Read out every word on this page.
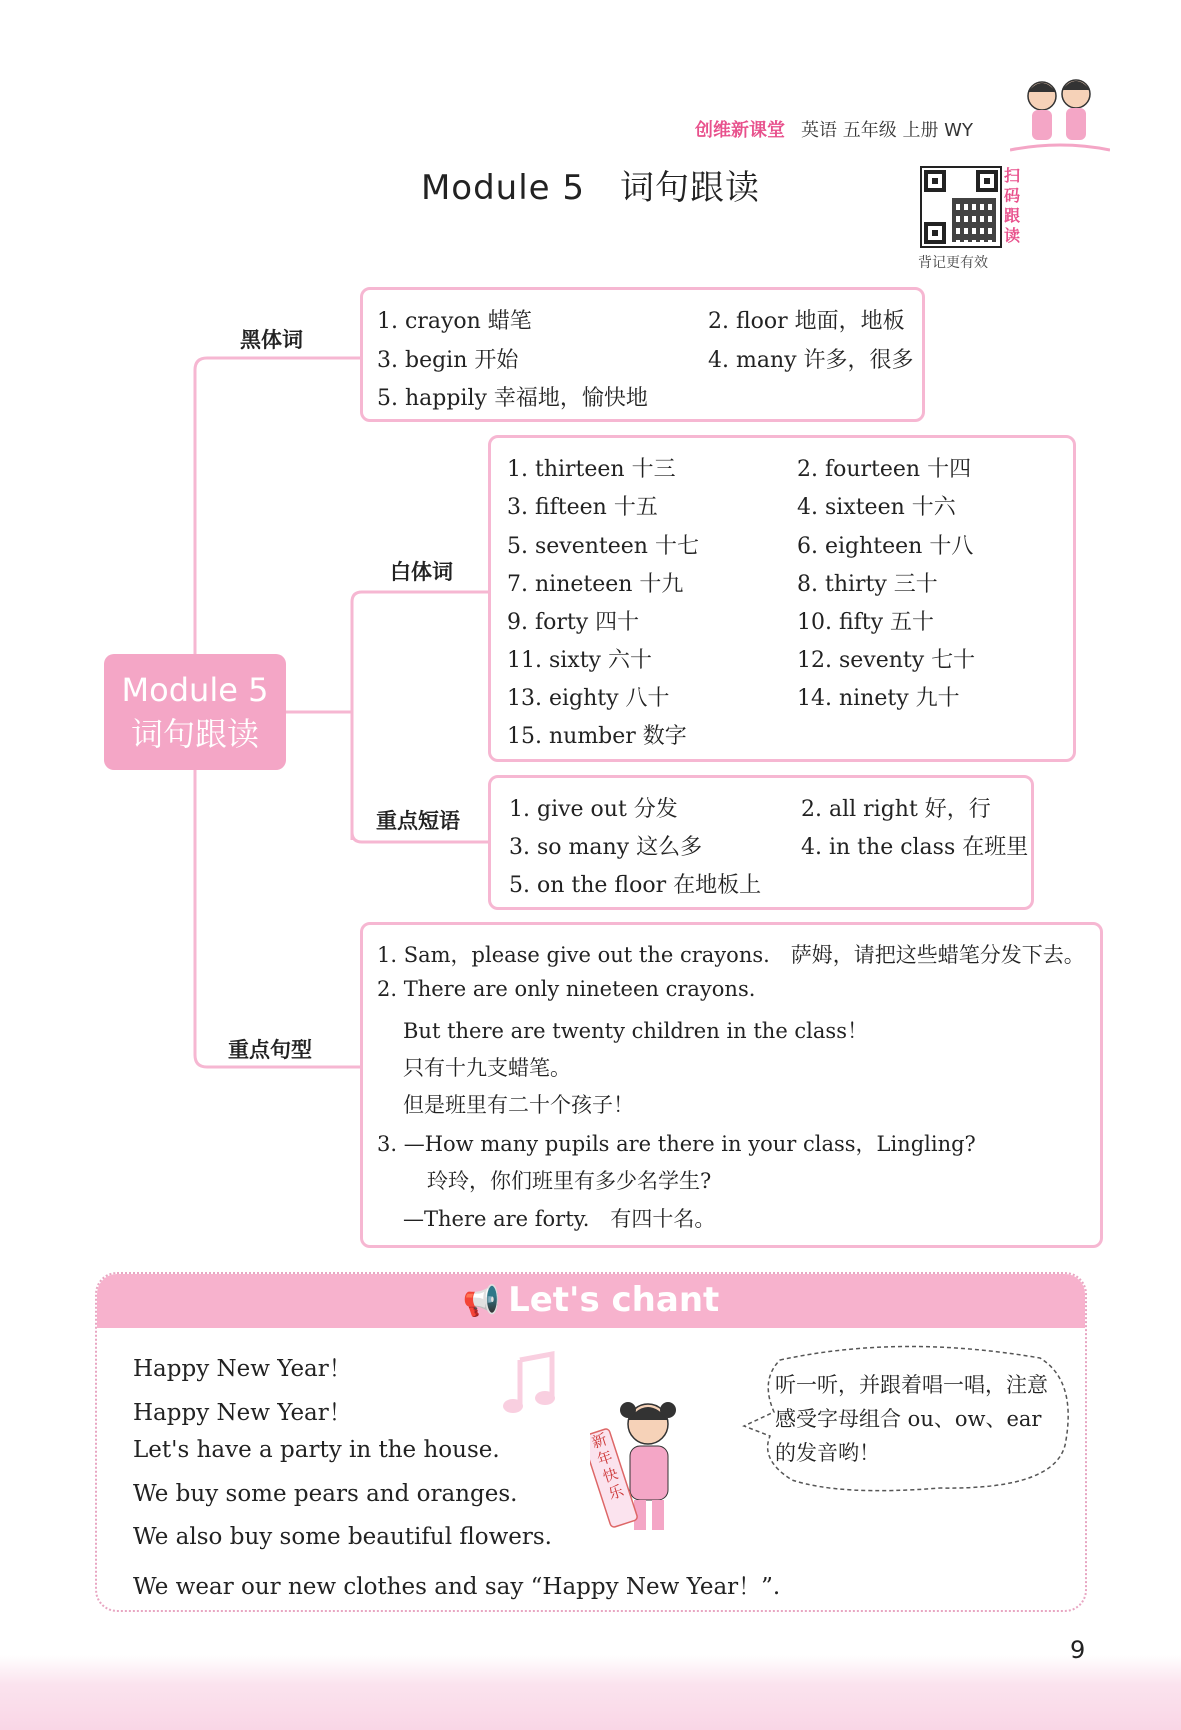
创维新课堂 英语 五年级 上册 WY
Module 5　词句跟读	扫码跟读
背记更有效
Module 5
词句跟读
黑体词
1. crayon 蜡笔	2. floor 地面，地板
3. begin 开始	4. many 许多，很多
5. happily 幸福地，愉快地
白体词
1. thirteen 十三	2. fourteen 十四
3. fifteen 十五	4. sixteen 十六
5. seventeen 十七	6. eighteen 十八
7. nineteen 十九	8. thirty 三十
9. forty 四十	10. fifty 五十
11. sixty 六十	12. seventy 七十
13. eighty 八十	14. ninety 九十
15. number 数字
重点短语 1. give out 分发	2. all right 好，行
3. so many 这么多	4. in the class 在班里
5. on the floor 在地板上
重点句型
1. Sam，please give out the crayons.　萨姆，请把这些蜡笔分发下去。
2. There are only nineteen crayons.
But there are twenty children in the class！
只有十九支蜡笔。
但是班里有二十个孩子！
3. —How many pupils are there in your class，Lingling?
玲玲，你们班里有多少名学生?
—There are forty.　有四十名。
📢 Let's chant
Happy New Year！
Happy New Year！
Let's have a party in the house.
We buy some pears and oranges.
We also buy some beautiful flowers.
We wear our new clothes and say “Happy New Year！”.
新年快乐
听一听，并跟着唱一唱，注意感受字母组合 ou、ow、ear 的发音哟！
9
